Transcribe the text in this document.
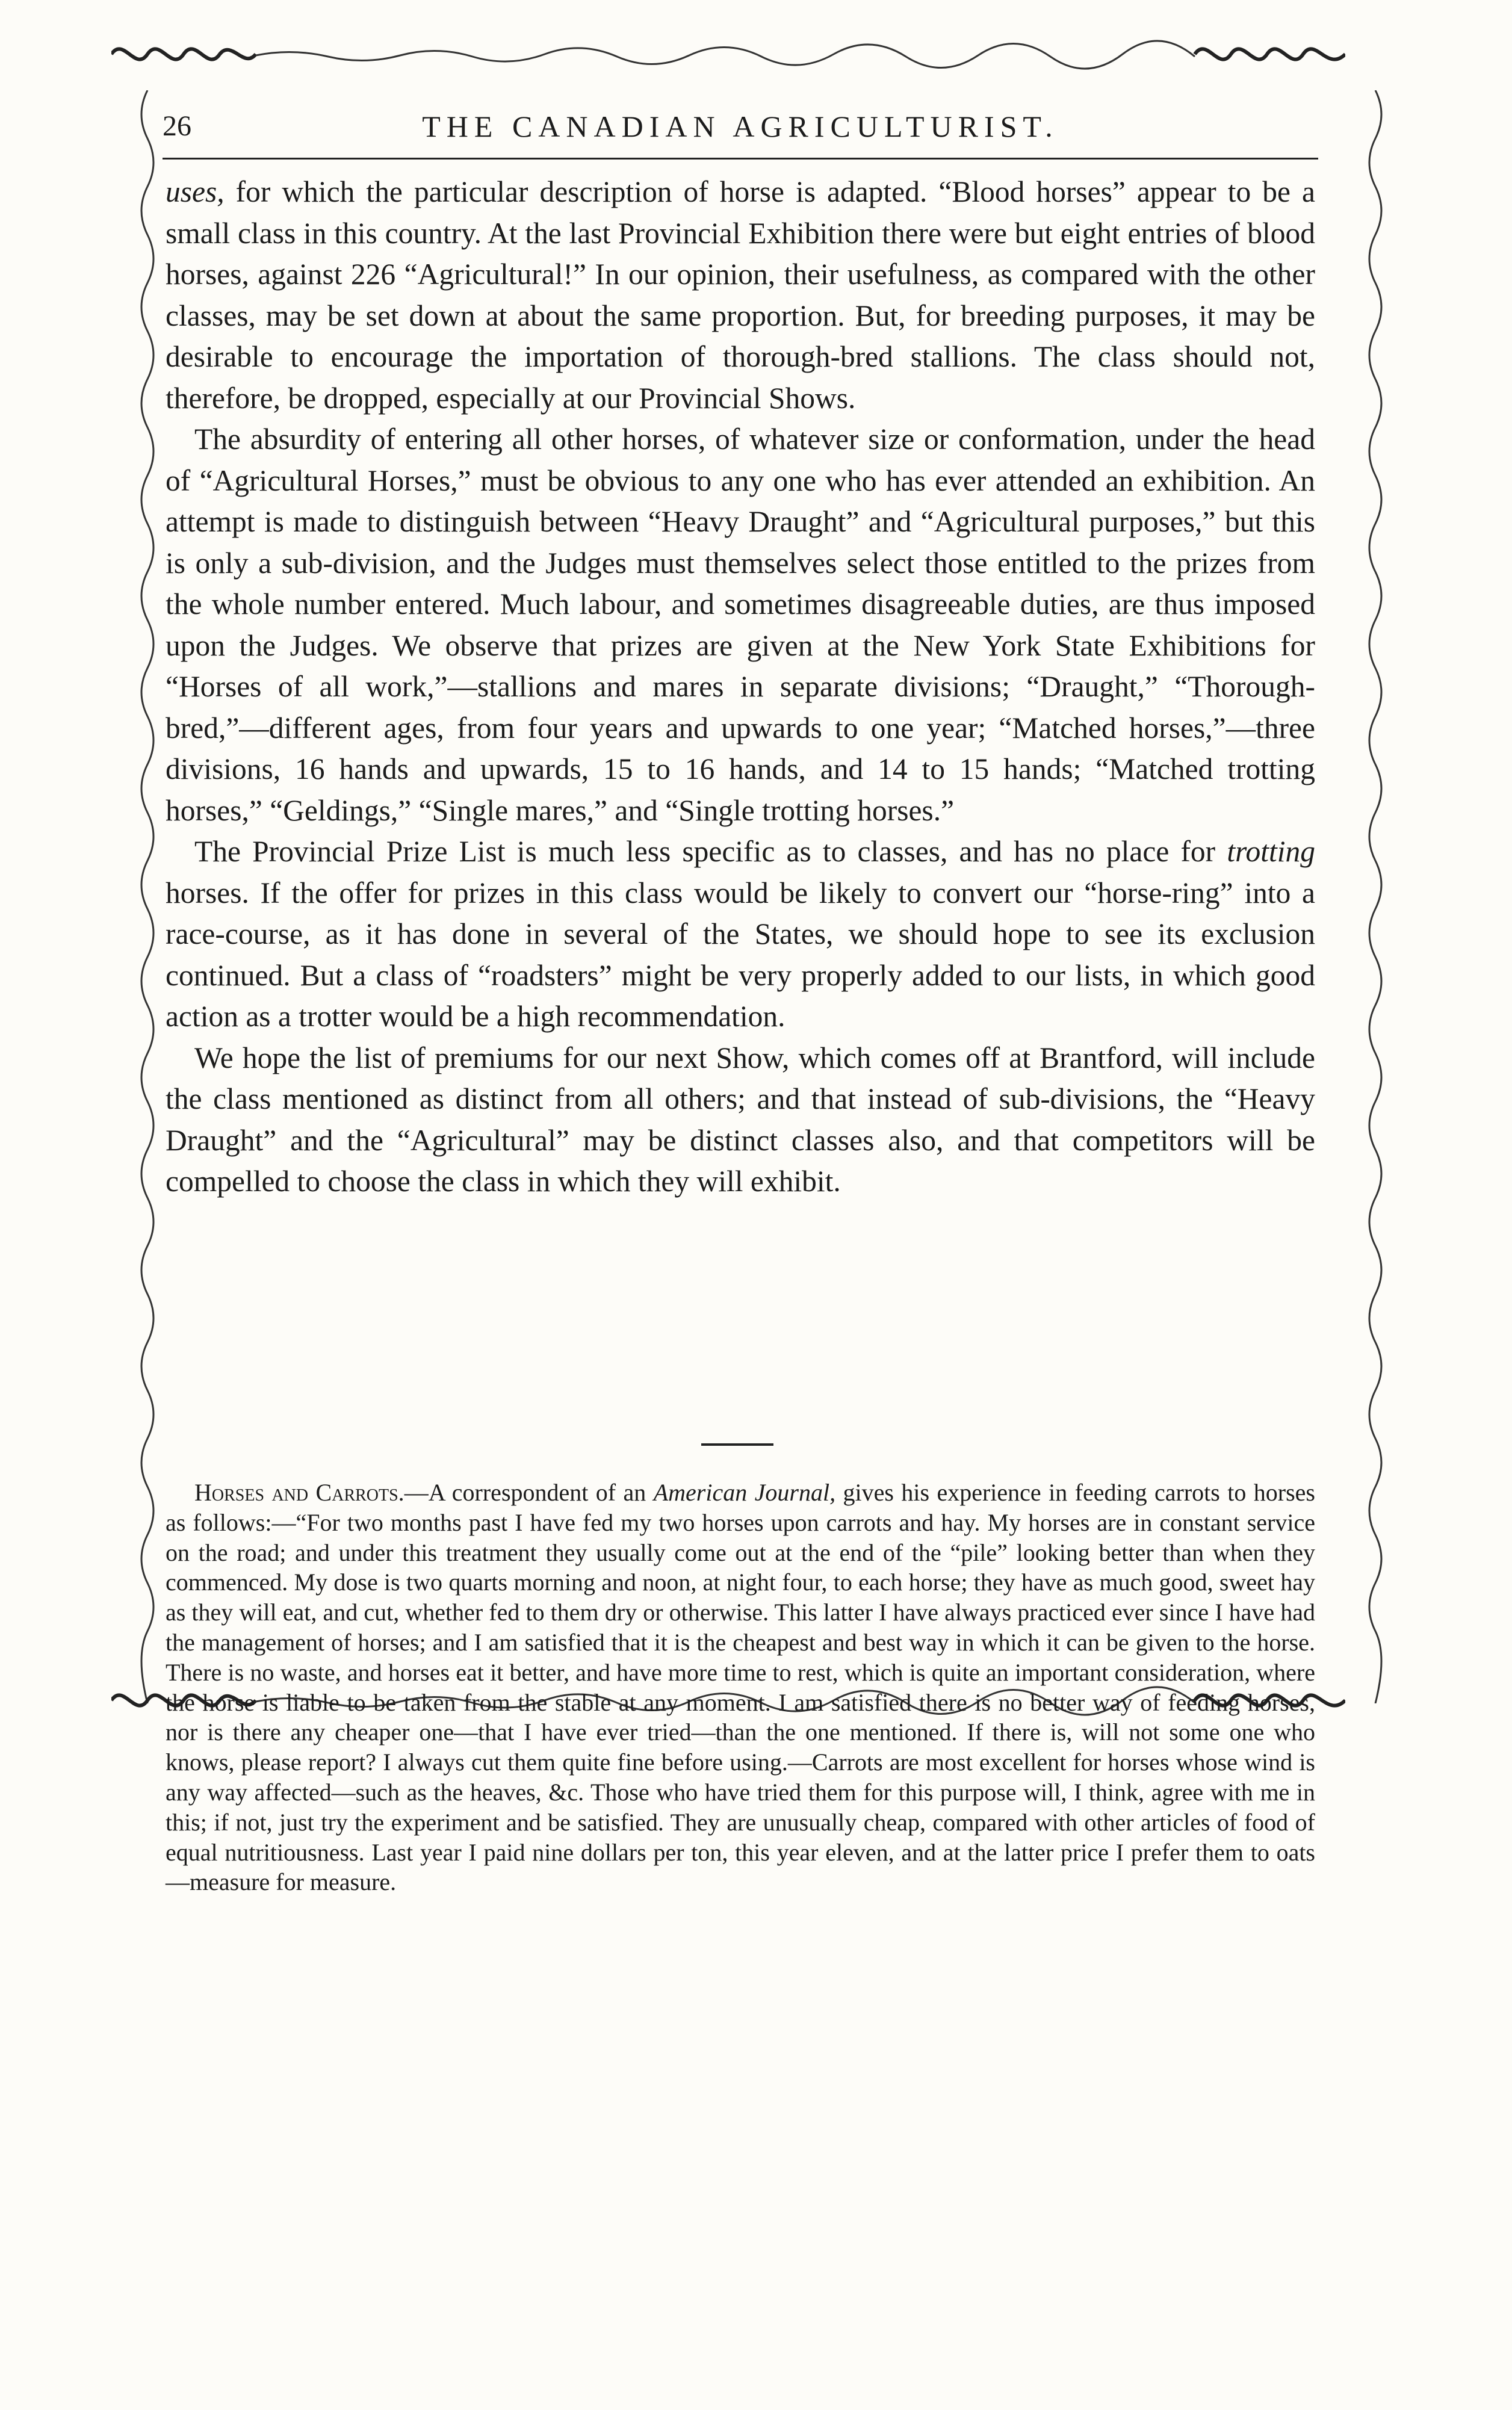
THE CANADIAN AGRICULTURIST.
26

uses, for which the particular description of horse is adapted. “Blood horses” appear to be a small class in this country. At the last Provincial Exhibition there were but eight entries of blood horses, against 226 “Agricultural!” In our opinion, their usefulness, as compared with the other classes, may be set down at about the same proportion. But, for breeding purposes, it may be desirable to encourage the importation of thorough-bred stallions. The class should not, therefore, be dropped, especially at our Provincial Shows.

The absurdity of entering all other horses, of whatever size or conformation, under the head of “Agricultural Horses,” must be obvious to any one who has ever attended an exhibition. An attempt is made to distinguish between “Heavy Draught” and “Agricultural purposes,” but this is only a sub-division, and the Judges must themselves select those entitled to the prizes from the whole number entered. Much labour, and sometimes disagreeable duties, are thus imposed upon the Judges. We observe that prizes are given at the New York State Exhibitions for “Horses of all work,”—stallions and mares in separate divisions; “Draught,” “Thorough-bred,”—different ages, from four years and upwards to one year; “Matched horses,”—three divisions, 16 hands and upwards, 15 to 16 hands, and 14 to 15 hands; “Matched trotting horses,” “Geldings,” “Single mares,” and “Single trotting horses.”

The Provincial Prize List is much less specific as to classes, and has no place for trotting horses. If the offer for prizes in this class would be likely to convert our “horse-ring” into a race-course, as it has done in several of the States, we should hope to see its exclusion continued. But a class of “roadsters” might be very properly added to our lists, in which good action as a trotter would be a high recommendation.

We hope the list of premiums for our next Show, which comes off at Brantford, will include the class mentioned as distinct from all others; and that instead of sub-divisions, the “Heavy Draught” and the “Agricultural” may be distinct classes also, and that competitors will be compelled to choose the class in which they will exhibit.

Horses and Carrots.—A correspondent of an American Journal, gives his experience in feeding carrots to horses as follows:—“For two months past I have fed my two horses upon carrots and hay. My horses are in constant service on the road; and under this treatment they usually come out at the end of the “pile” looking better than when they commenced. My dose is two quarts morning and noon, at night four, to each horse; they have as much good, sweet hay as they will eat, and cut, whether fed to them dry or otherwise. This latter I have always practiced ever since I have had the management of horses; and I am satisfied that it is the cheapest and best way in which it can be given to the horse. There is no waste, and horses eat it better, and have more time to rest, which is quite an important consideration, where the horse is liable to be taken from the stable at any moment. I am satisfied there is no better way of feeding horses, nor is there any cheaper one—that I have ever tried—than the one mentioned. If there is, will not some one who knows, please report? I always cut them quite fine before using.—Carrots are most excellent for horses whose wind is any way affected—such as the heaves, &c. Those who have tried them for this purpose will, I think, agree with me in this; if not, just try the experiment and be satisfied. They are unusually cheap, compared with other articles of food of equal nutritiousness. Last year I paid nine dollars per ton, this year eleven, and at the latter price I prefer them to oats—measure for measure.
